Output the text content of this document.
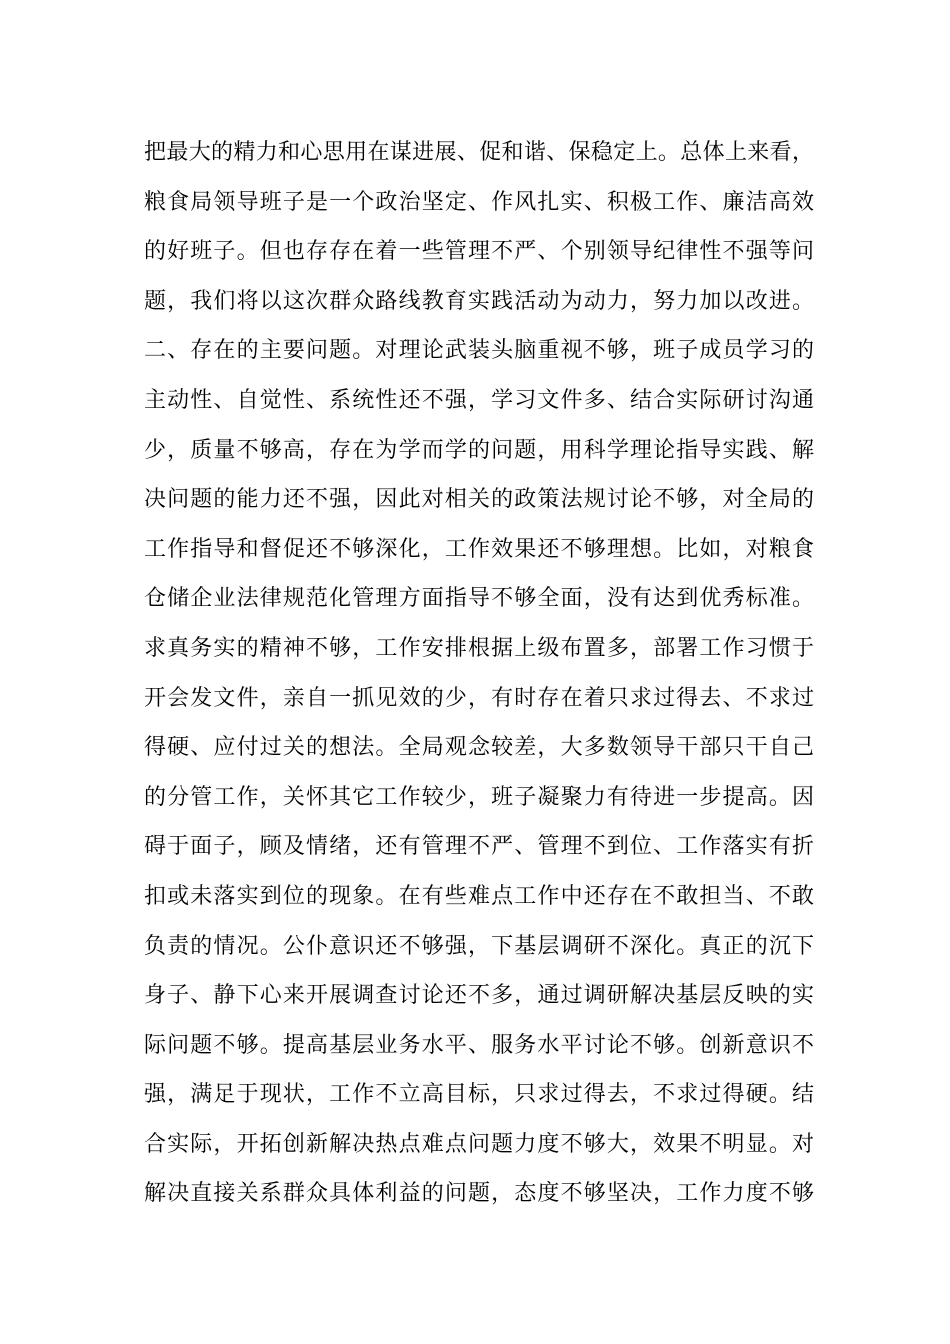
把最大的精力和心思用在谋进展、促和谐、保稳定上。总体上来看，
粮食局领导班子是一个政治坚定、作风扎实、积极工作、廉洁高效
的好班子。但也存存在着一些管理不严、个别领导纪律性不强等问
题，我们将以这次群众路线教育实践活动为动力，努力加以改进。
二、存在的主要问题。对理论武装头脑重视不够，班子成员学习的
主动性、自觉性、系统性还不强，学习文件多、结合实际研讨沟通
少，质量不够高，存在为学而学的问题，用科学理论指导实践、解
决问题的能力还不强，因此对相关的政策法规讨论不够，对全局的
工作指导和督促还不够深化，工作效果还不够理想。比如，对粮食
仓储企业法律规范化管理方面指导不够全面，没有达到优秀标准。
求真务实的精神不够，工作安排根据上级布置多，部署工作习惯于
开会发文件，亲自一抓见效的少，有时存在着只求过得去、不求过
得硬、应付过关的想法。全局观念较差，大多数领导干部只干自己
的分管工作，关怀其它工作较少，班子凝聚力有待进一步提高。因
碍于面子，顾及情绪，还有管理不严、管理不到位、工作落实有折
扣或未落实到位的现象。在有些难点工作中还存在不敢担当、不敢
负责的情况。公仆意识还不够强，下基层调研不深化。真正的沉下
身子、静下心来开展调查讨论还不多，通过调研解决基层反映的实
际问题不够。提高基层业务水平、服务水平讨论不够。创新意识不
强，满足于现状，工作不立高目标，只求过得去，不求过得硬。结
合实际，开拓创新解决热点难点问题力度不够大，效果不明显。对
解决直接关系群众具体利益的问题，态度不够坚决，工作力度不够
